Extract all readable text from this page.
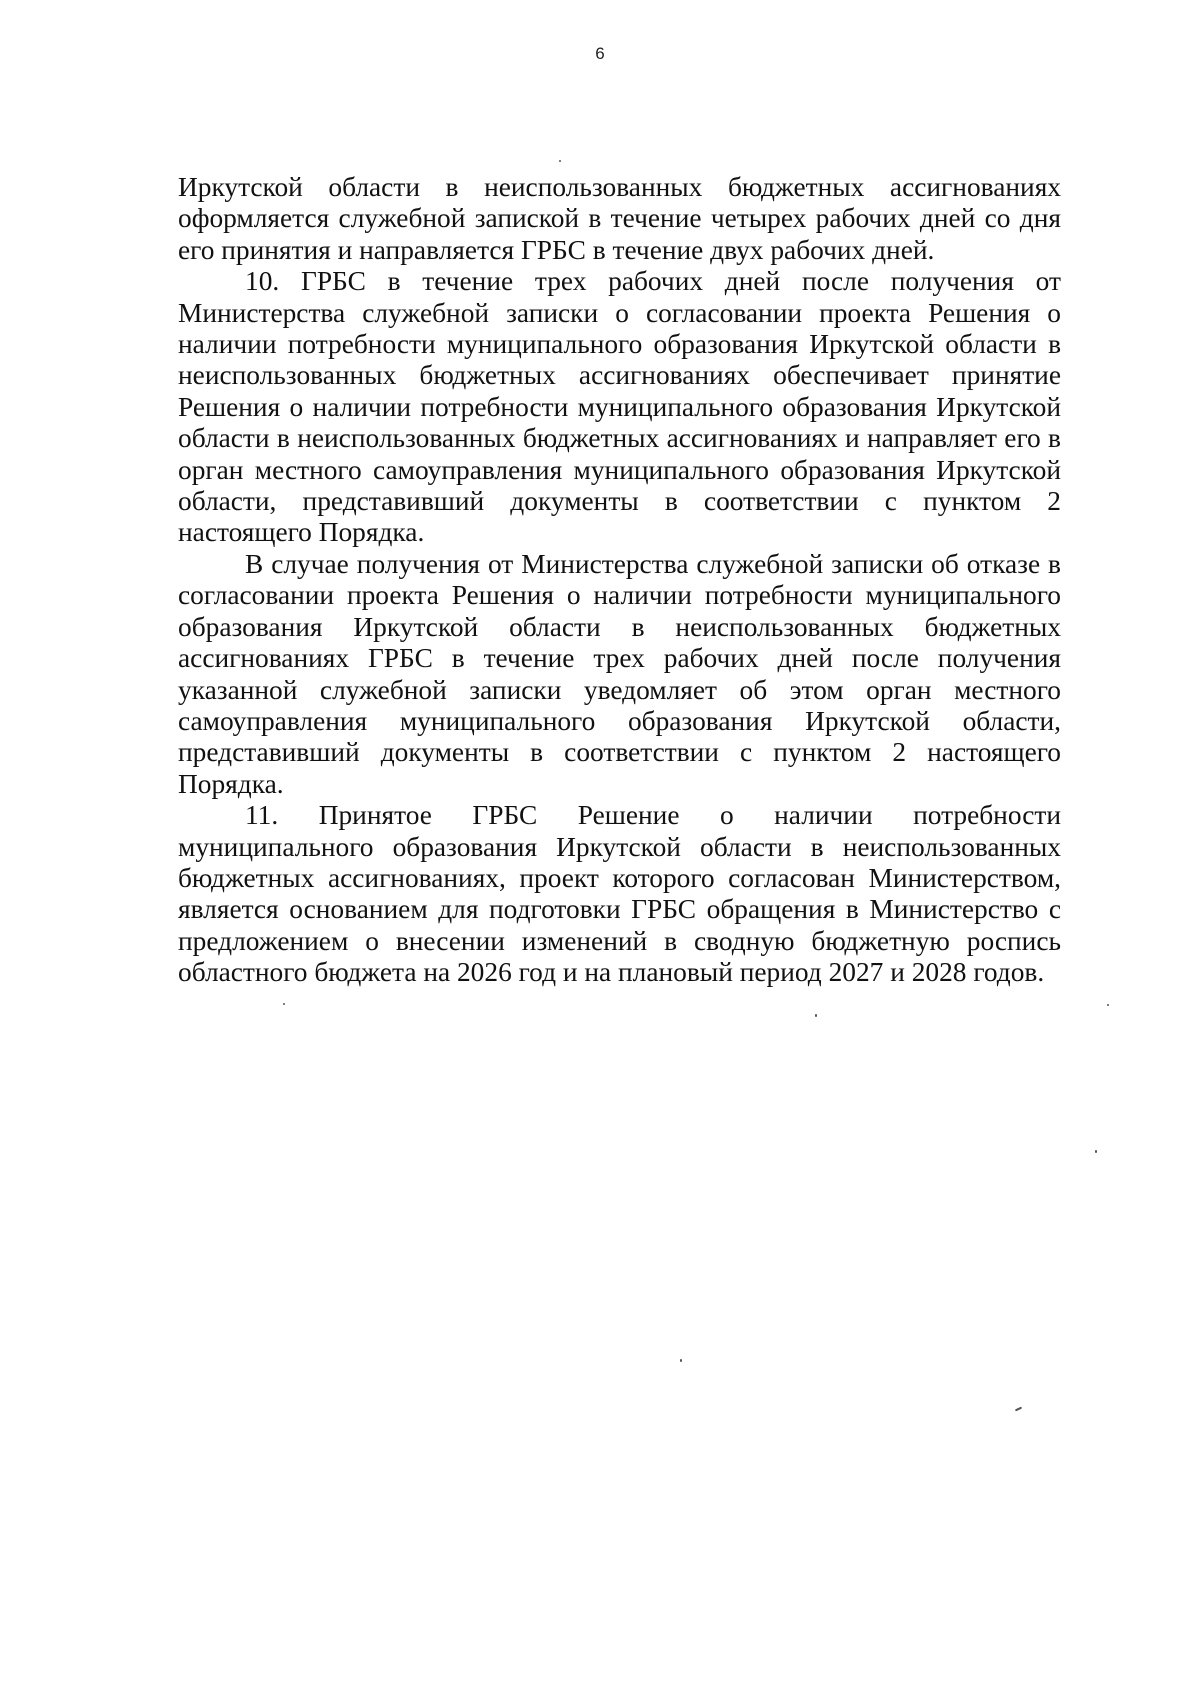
6

Иркутской области в неиспользованных бюджетных ассигнованиях оформляется служебной запиской в течение четырех рабочих дней со дня его принятия и направляется ГРБС в течение двух рабочих дней.

10. ГРБС в течение трех рабочих дней после получения от Министерства служебной записки о согласовании проекта Решения о наличии потребности муниципального образования Иркутской области в неиспользованных бюджетных ассигнованиях обеспечивает принятие Решения о наличии потребности муниципального образования Иркутской области в неиспользованных бюджетных ассигнованиях и направляет его в орган местного самоуправления муниципального образования Иркутской области, представивший документы в соответствии с пунктом 2 настоящего Порядка.

В случае получения от Министерства служебной записки об отказе в согласовании проекта Решения о наличии потребности муниципального образования Иркутской области в неиспользованных бюджетных ассигнованиях ГРБС в течение трех рабочих дней после получения указанной служебной записки уведомляет об этом орган местного самоуправления муниципального образования Иркутской области, представивший документы в соответствии с пунктом 2 настоящего Порядка.

11. Принятое ГРБС Решение о наличии потребности муниципального образования Иркутской области в неиспользованных бюджетных ассигнованиях, проект которого согласован Министерством, является основанием для подготовки ГРБС обращения в Министерство с предложением о внесении изменений в сводную бюджетную роспись областного бюджета на 2026 год и на плановый период 2027 и 2028 годов.
